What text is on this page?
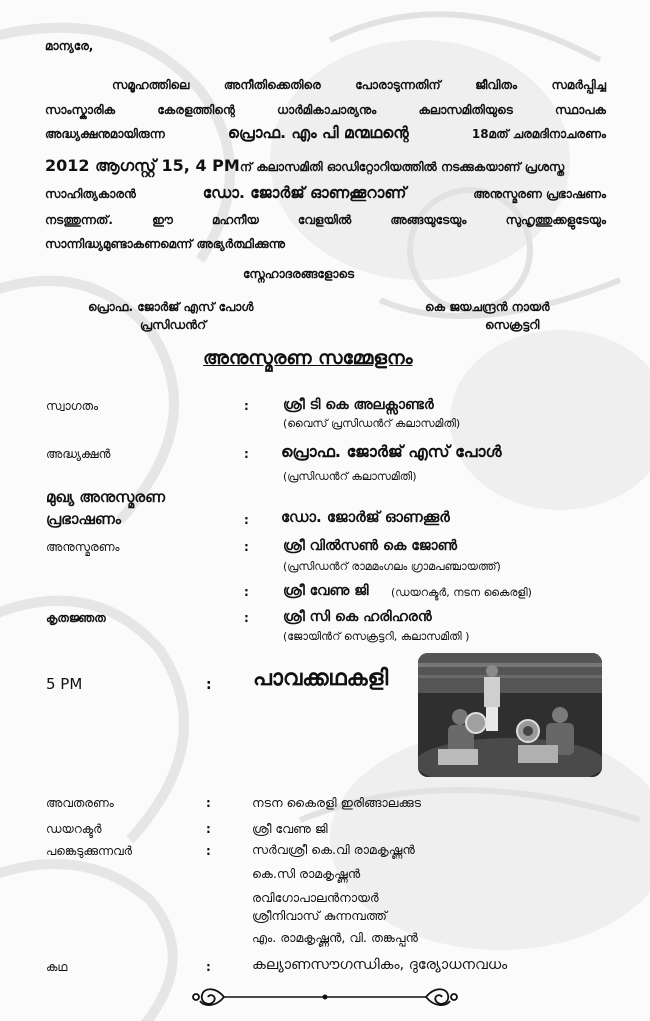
മാന്യരേ,
സമൂഹത്തിലെ അനീതിക്കെതിരെ പോരാടുന്നതിന് ജീവിതം സമർപ്പിച്ച
സാംസ്കാരിക കേരളത്തിന്റെ ധാർമികാചാര്യനും കലാസമിതിയുടെ സ്ഥാപക
അദ്ധ്യക്ഷനുമായിരുന്ന	പ്രൊഫ. എം പി മന്മഥന്റെ	18മത് ചരമദിനാചരണം
2012 ആഗസ്റ്റ് 15, 4 PM ന് കലാസമിതി ഓഡിറ്റോറിയത്തിൽ നടക്കുകയാണ് പ്രശസ്ത
സാഹിത്യകാരൻ	ഡോ. ജോർജ് ഓണക്കൂറാണ്	അനുസ്മരണ പ്രഭാഷണം
നടത്തുന്നത്. ഈ മഹനീയ വേളയിൽ അങ്ങയുടേയും സുഹൃത്തുക്കളുടേയും
സാന്നിദ്ധ്യമുണ്ടാകണമെന്ന് അഭ്യർത്ഥിക്കുന്നു
സ്നേഹാദരങ്ങളോടെ
പ്രൊഫ. ജോർജ് എസ് പോൾ
പ്രസിഡൻറ്
കെ ജയചന്ദ്രൻ നായർ
സെക്രട്ടറി
അനുസ്മരണ സമ്മേളനം
സ്വാഗതം	: ശ്രീ ടി കെ അലക്സാണ്ടർ
(വൈസ് പ്രസിഡൻറ് കലാസമിതി)
അദ്ധ്യക്ഷൻ	: പ്രൊഫ. ജോർജ് എസ് പോൾ
(പ്രസിഡൻറ് കലാസമിതി)
മുഖ്യ അനുസ്മരണ
പ്രഭാഷണം	: ഡോ. ജോർജ് ഓണക്കൂർ
അനുസ്മരണം	: ശ്രീ വിൽസൺ കെ ജോൺ
(പ്രസിഡൻറ് രാമമംഗലം ഗ്രാമപഞ്ചായത്ത്)
: ശ്രീ വേണു ജി (ഡയറക്ടർ, നടന കൈരളി)
കൃതജ്ഞത	: ശ്രീ സി കെ ഹരിഹരൻ
(ജോയിൻറ് സെക്രട്ടറി, കലാസമിതി )
5 PM	: പാവക്കഥകളി
അവതരണം	:	നടന കൈരളി ഇരിങ്ങാലക്കുട
ഡയറക്ടർ	:	ശ്രീ വേണു ജി
പങ്കെടുക്കുന്നവർ	:	സർവശ്രീ കെ.വി രാമകൃഷ്ണൻ
കെ.സി രാമകൃഷ്ണൻ
രവിഗോപാലൻനായർ
ശ്രീനിവാസ് കുന്നമ്പത്ത്
എം. രാമകൃഷ്ണൻ, വി. തങ്കപ്പൻ
കഥ	:	കല്യാണസൗഗന്ധികം, ദുര്യോധനവധം
